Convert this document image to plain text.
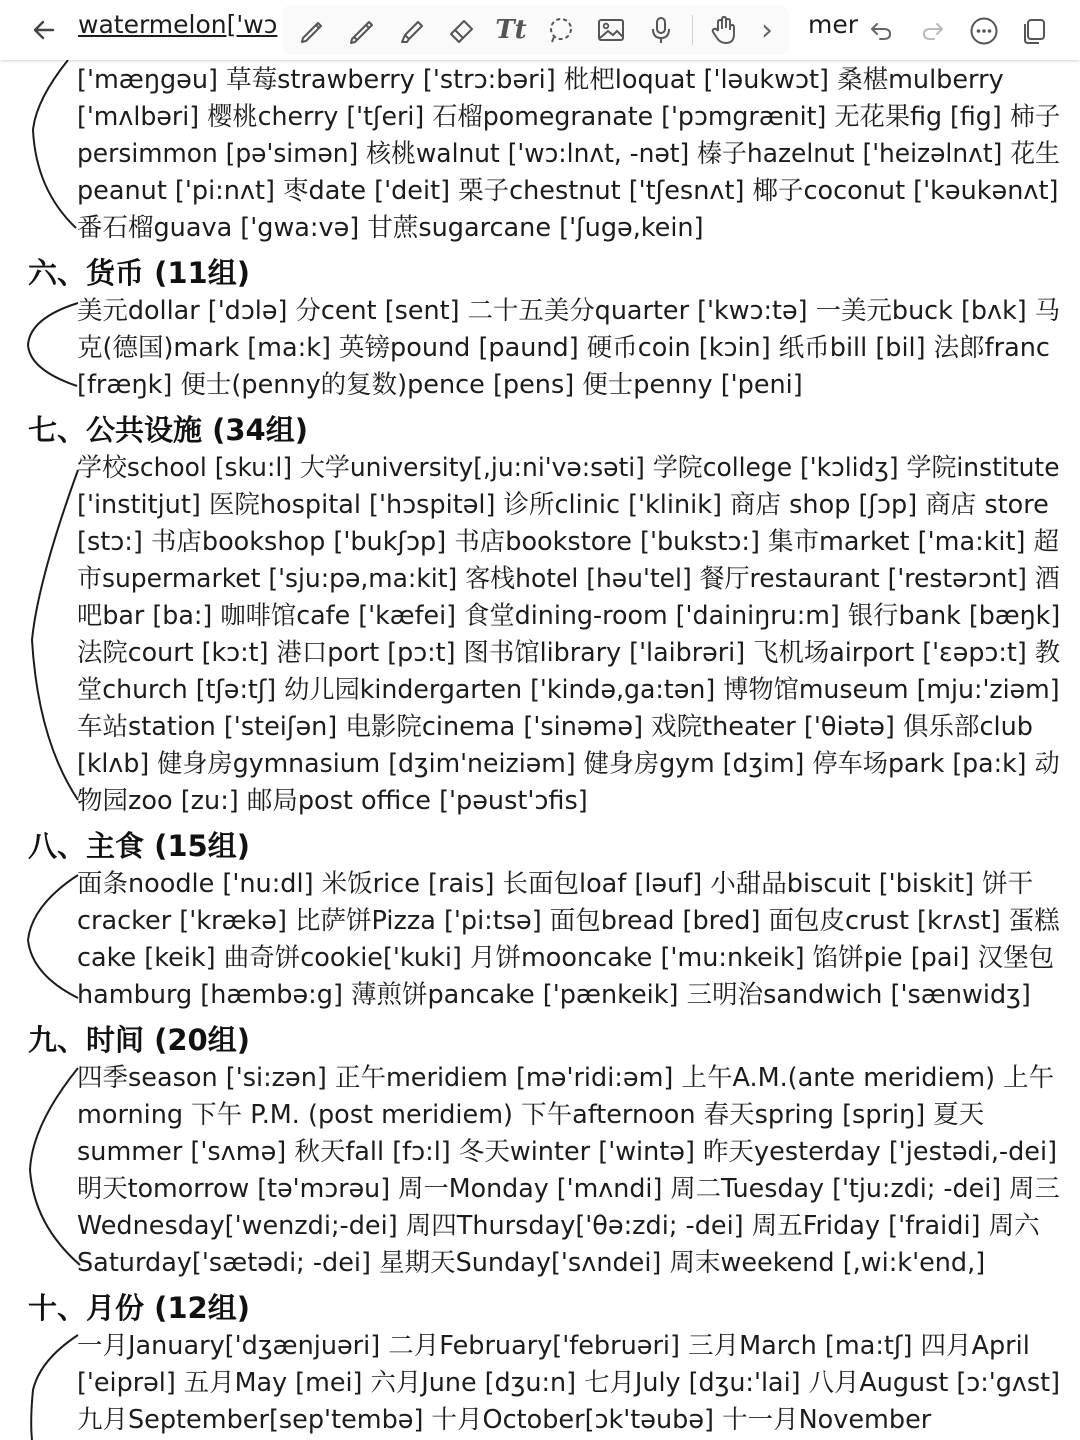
watermelon['wɔ	Tt	› mer
['mæŋgəu] 草莓strawberry ['strɔ:bəri] 枇杷loquat ['ləukwɔt] 桑椹mulberry
['mʌlbəri] 樱桃cherry ['tʃeri] 石榴pomegranate ['pɔmgrænit] 无花果fig [fig] 柿子
persimmon [pə'simən] 核桃walnut ['wɔ:lnʌt, -nət] 榛子hazelnut ['heizəlnʌt] 花生
peanut ['pi:nʌt] 枣date ['deit] 栗子chestnut ['tʃesnʌt] 椰子coconut ['kəukənʌt]
番石榴guava ['gwa:və] 甘蔗sugarcane ['ʃugə,kein]
六、货币 (11组)
美元dollar ['dɔlə] 分cent [sent] 二十五美分quarter ['kwɔ:tə] 一美元buck [bʌk] 马
克(德国)mark [ma:k] 英镑pound [paund] 硬币coin [kɔin] 纸币bill [bil] 法郎franc
[fræŋk] 便士(penny的复数)pence [pens] 便士penny ['peni]
七、公共设施 (34组)
学校school [sku:l] 大学university[,ju:ni'və:səti] 学院college ['kɔlidʒ] 学院institute
['institjut] 医院hospital ['hɔspitəl] 诊所clinic ['klinik] 商店 shop [ʃɔp] 商店 store
[stɔ:] 书店bookshop ['bukʃɔp] 书店bookstore ['bukstɔ:] 集市market ['ma:kit] 超
市supermarket ['sju:pə,ma:kit] 客栈hotel [həu'tel] 餐厅restaurant ['restərɔnt] 酒
吧bar [ba:] 咖啡馆cafe ['kæfei] 食堂dining-room ['dainiŋru:m] 银行bank [bæŋk]
法院court [kɔ:t] 港口port [pɔ:t] 图书馆library ['laibrəri] 飞机场airport ['ɛəpɔ:t] 教
堂church [tʃə:tʃ] 幼儿园kindergarten ['kində,ga:tən] 博物馆museum [mju:'ziəm]
车站station ['steiʃən] 电影院cinema ['sinəmə] 戏院theater ['θiətə] 俱乐部club
[klʌb] 健身房gymnasium [dʒim'neiziəm] 健身房gym [dʒim] 停车场park [pa:k] 动
物园zoo [zu:] 邮局post office ['pəust'ɔfis]
八、主食 (15组)
面条noodle ['nu:dl] 米饭rice [rais] 长面包loaf [ləuf] 小甜品biscuit ['biskit] 饼干
cracker ['krækə] 比萨饼Pizza ['pi:tsə] 面包bread [bred] 面包皮crust [krʌst] 蛋糕
cake [keik] 曲奇饼cookie['kuki] 月饼mooncake ['mu:nkeik] 馅饼pie [pai] 汉堡包
hamburg [hæmbə:g] 薄煎饼pancake ['pænkeik] 三明治sandwich ['sænwidʒ]
九、时间 (20组)
四季season ['si:zən] 正午meridiem [mə'ridi:əm] 上午A.M.(ante meridiem) 上午
morning 下午 P.M. (post meridiem) 下午afternoon 春天spring [spriŋ] 夏天
summer ['sʌmə] 秋天fall [fɔ:l] 冬天winter ['wintə] 昨天yesterday ['jestədi,-dei]
明天tomorrow [tə'mɔrəu] 周一Monday ['mʌndi] 周二Tuesday ['tju:zdi; -dei] 周三
Wednesday['wenzdi;-dei] 周四Thursday['θə:zdi; -dei] 周五Friday ['fraidi] 周六
Saturday['sætədi; -dei] 星期天Sunday['sʌndei] 周末weekend [,wi:k'end,]
十、月份 (12组)
一月January['dʒænjuəri] 二月February['februəri] 三月March [ma:tʃ] 四月April
['eiprəl] 五月May [mei] 六月June [dʒu:n] 七月July [dʒu:'lai] 八月August [ɔ:'gʌst]
九月September[sep'tembə] 十月October[ɔk'təubə] 十一月November
